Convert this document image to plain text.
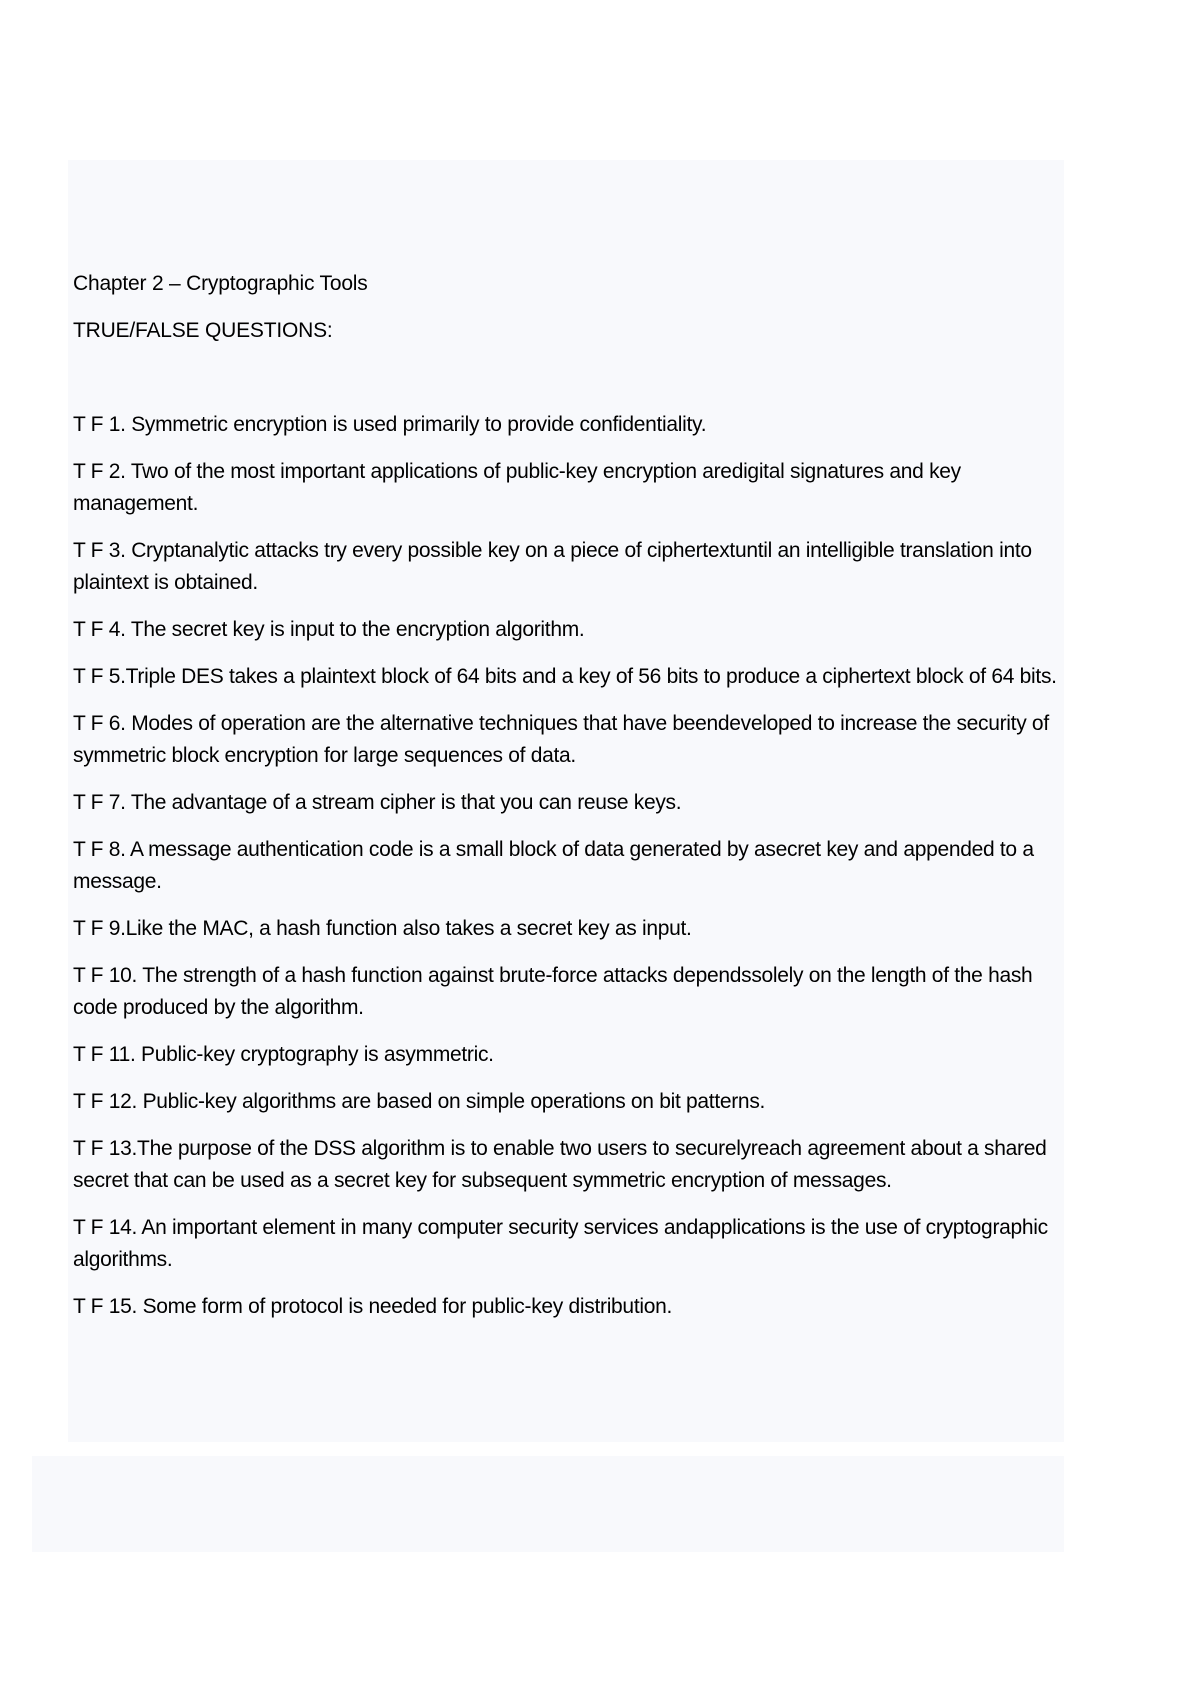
Chapter 2 – Cryptographic Tools
TRUE/FALSE QUESTIONS:
T F 1. Symmetric encryption is used primarily to provide confidentiality.
T F 2. Two of the most important applications of public-key encryption aredigital signatures and key management.
T F 3. Cryptanalytic attacks try every possible key on a piece of ciphertextuntil an intelligible translation into plaintext is obtained.
T F 4. The secret key is input to the encryption algorithm.
T F 5.Triple DES takes a plaintext block of 64 bits and a key of 56 bits to produce a ciphertext block of 64 bits.
T F 6. Modes of operation are the alternative techniques that have beendeveloped to increase the security of symmetric block encryption for large sequences of data.
T F 7. The advantage of a stream cipher is that you can reuse keys.
T F 8. A message authentication code is a small block of data generated by asecret key and appended to a message.
T F 9.Like the MAC, a hash function also takes a secret key as input.
T F 10. The strength of a hash function against brute-force attacks dependssolely on the length of the hash code produced by the algorithm.
T F 11. Public-key cryptography is asymmetric.
T F 12. Public-key algorithms are based on simple operations on bit patterns.
T F 13.The purpose of the DSS algorithm is to enable two users to securelyreach agreement about a shared secret that can be used as a secret key for subsequent symmetric encryption of messages.
T F 14. An important element in many computer security services andapplications is the use of cryptographic algorithms.
T F 15. Some form of protocol is needed for public-key distribution.
